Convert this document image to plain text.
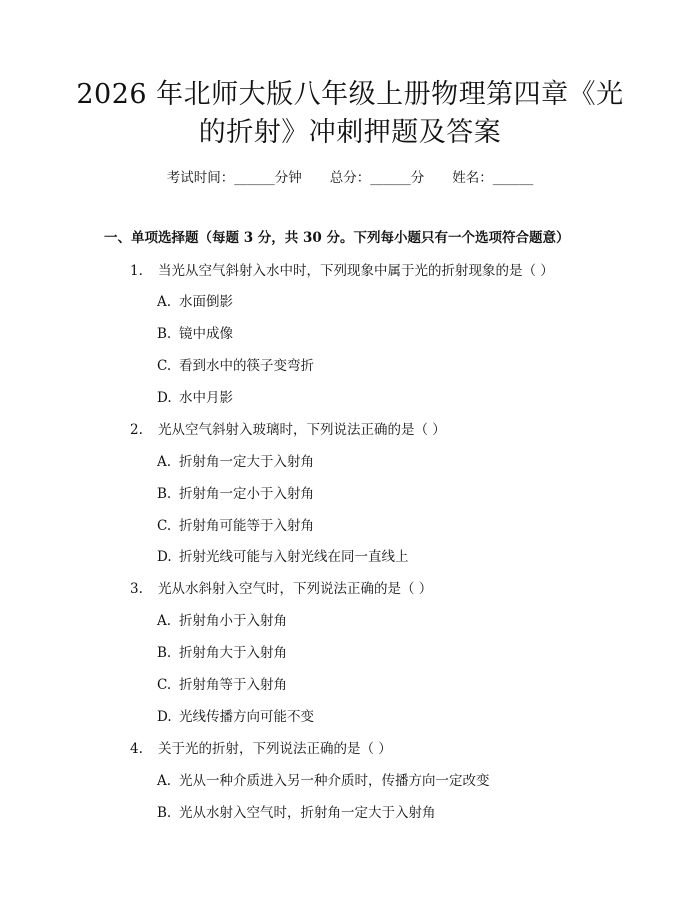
2026 年北师大版八年级上册物理第四章《光
的折射》冲刺押题及答案
考试时间：______分钟 总分：______分 姓名：______
一、单项选择题（每题 3 分，共 30 分。下列每小题只有一个选项符合题意）
1. 当光从空气斜射入水中时，下列现象中属于光的折射现象的是（ ）
A. 水面倒影
B. 镜中成像
C. 看到水中的筷子变弯折
D. 水中月影
2. 光从空气斜射入玻璃时，下列说法正确的是（ ）
A. 折射角一定大于入射角
B. 折射角一定小于入射角
C. 折射角可能等于入射角
D. 折射光线可能与入射光线在同一直线上
3. 光从水斜射入空气时，下列说法正确的是（ ）
A. 折射角小于入射角
B. 折射角大于入射角
C. 折射角等于入射角
D. 光线传播方向可能不变
4. 关于光的折射，下列说法正确的是（ ）
A. 光从一种介质进入另一种介质时，传播方向一定改变
B. 光从水射入空气时，折射角一定大于入射角
